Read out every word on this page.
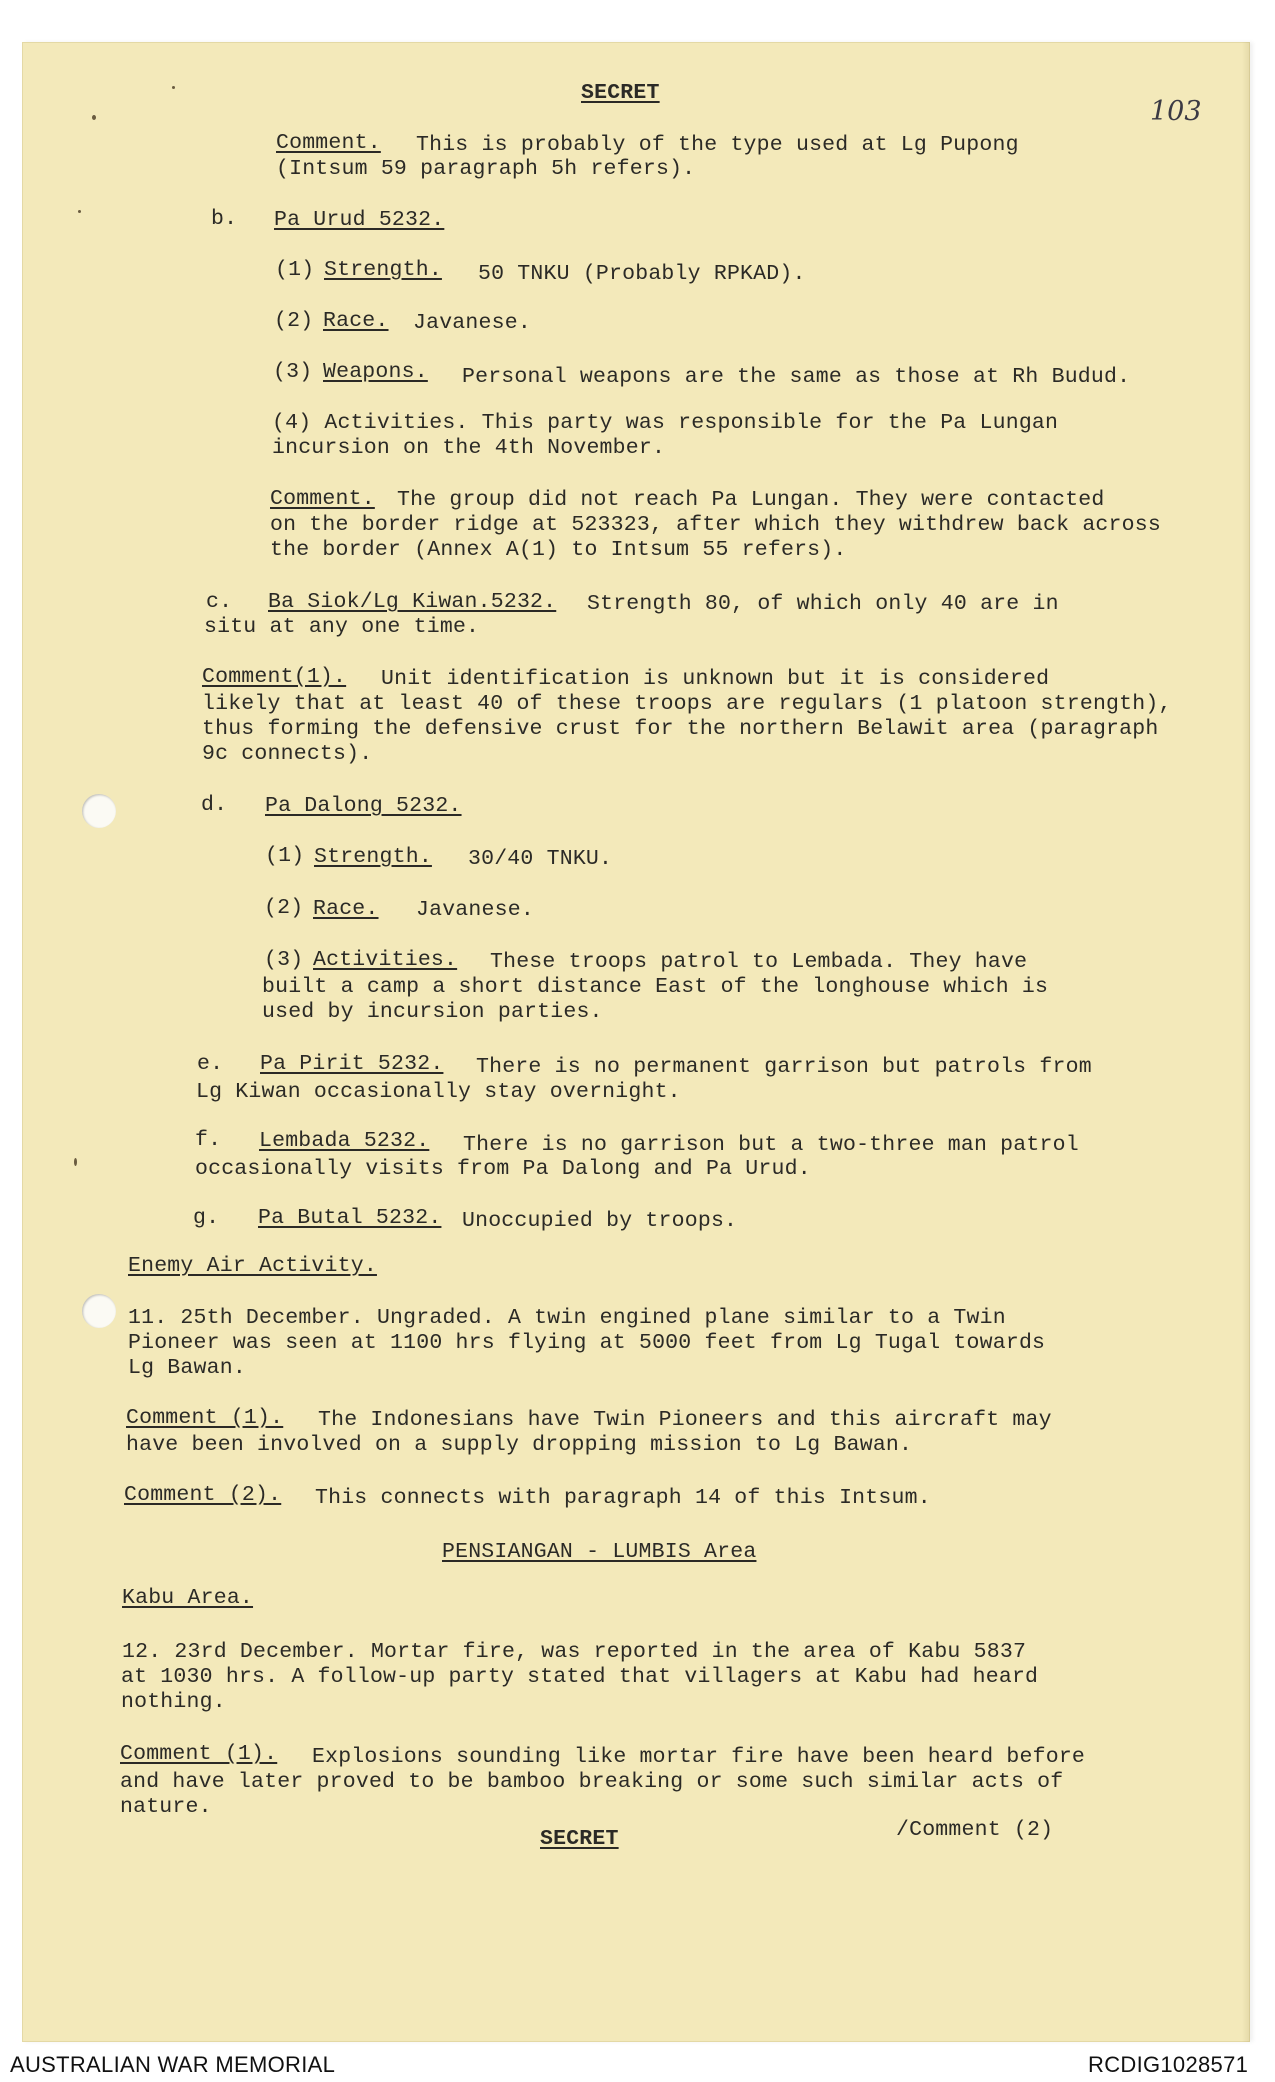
SECRET
103
Comment. This is probably of the type used at Lg Pupong
(Intsum 59 paragraph 5h refers).
b. Pa Urud 5232.
(1) Strength. 50 TNKU (Probably RPKAD).
(2) Race. Javanese.
(3) Weapons. Personal weapons are the same as those at Rh Budud.
(4) Activities. This party was responsible for the Pa Lungan
incursion on the 4th November.
Comment. The group did not reach Pa Lungan. They were contacted
on the border ridge at 523323, after which they withdrew back across
the border (Annex A(1) to Intsum 55 refers).
c. Ba Siok/Lg Kiwan.5232. Strength 80, of which only 40 are in
situ at any one time.
Comment(1). Unit identification is unknown but it is considered
likely that at least 40 of these troops are regulars (1 platoon strength),
thus forming the defensive crust for the northern Belawit area (paragraph
9c connects).
d. Pa Dalong 5232.
(1) Strength. 30/40 TNKU.
(2) Race. Javanese.
(3) Activities. These troops patrol to Lembada. They have
built a camp a short distance East of the longhouse which is
used by incursion parties.
e. Pa Pirit 5232. There is no permanent garrison but patrols from
Lg Kiwan occasionally stay overnight.
f. Lembada 5232. There is no garrison but a two-three man patrol
occasionally visits from Pa Dalong and Pa Urud.
g. Pa Butal 5232. Unoccupied by troops.
Enemy Air Activity.
11. 25th December. Ungraded. A twin engined plane similar to a Twin
Pioneer was seen at 1100 hrs flying at 5000 feet from Lg Tugal towards
Lg Bawan.
Comment (1). The Indonesians have Twin Pioneers and this aircraft may
have been involved on a supply dropping mission to Lg Bawan.
Comment (2). This connects with paragraph 14 of this Intsum.
PENSIANGAN - LUMBIS Area
Kabu Area.
12. 23rd December. Mortar fire, was reported in the area of Kabu 5837
at 1030 hrs. A follow-up party stated that villagers at Kabu had heard
nothing.
Comment (1). Explosions sounding like mortar fire have been heard before
and have later proved to be bamboo breaking or some such similar acts of
nature.
/Comment (2)
SECRET
AUSTRALIAN WAR MEMORIAL	RCDIG1028571
